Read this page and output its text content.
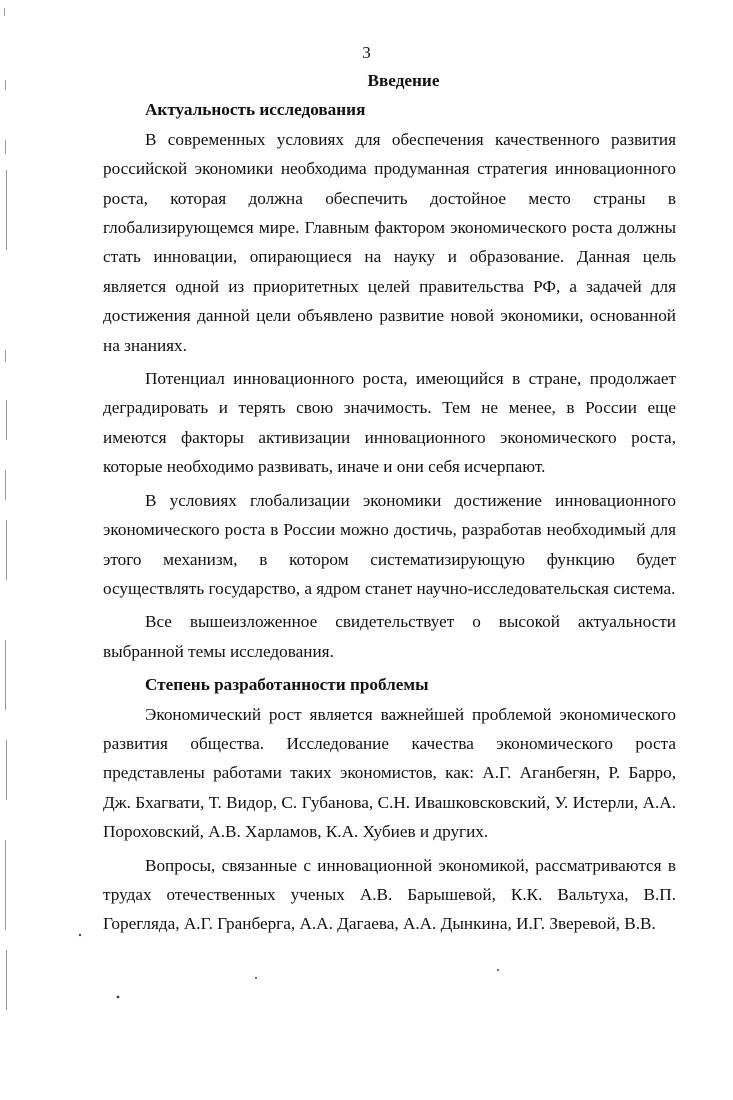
3

Введение

Актуальность исследования

В современных условиях для обеспечения качественного развития российской экономики необходима продуманная стратегия инновационного роста, которая должна обеспечить достойное место страны в глобализирующемся мире. Главным фактором экономического роста должны стать инновации, опирающиеся на науку и образование. Данная цель является одной из приоритетных целей правительства РФ, а задачей для достижения данной цели объявлено развитие новой экономики, основанной на знаниях.

Потенциал инновационного роста, имеющийся в стране, продолжает деградировать и терять свою значимость. Тем не менее, в России еще имеются факторы активизации инновационного экономического роста, которые необходимо развивать, иначе и они себя исчерпают.

В условиях глобализации экономики достижение инновационного экономического роста в России можно достичь, разработав необходимый для этого механизм, в котором систематизирующую функцию будет осуществлять государство, а ядром станет научно-исследовательская система.

Все вышеизложенное свидетельствует о высокой актуальности выбранной темы исследования.

Степень разработанности проблемы

Экономический рост является важнейшей проблемой экономического развития общества. Исследование качества экономического роста представлены работами таких экономистов, как: А.Г. Аганбегян, Р. Барро, Дж. Бхагвати, Т. Видор, С. Губанова, С.Н. Ивашковсковский, У. Истерли, А.А. Пороховский, А.В. Харламов, К.А. Хубиев и других.

Вопросы, связанные с инновационной экономикой, рассматриваются в трудах отечественных ученых А.В. Барышевой, К.К. Вальтуха, В.П. Горегляда, А.Г. Гранберга, А.А. Дагаева, А.А. Дынкина, И.Г. Зверевой, В.В.
